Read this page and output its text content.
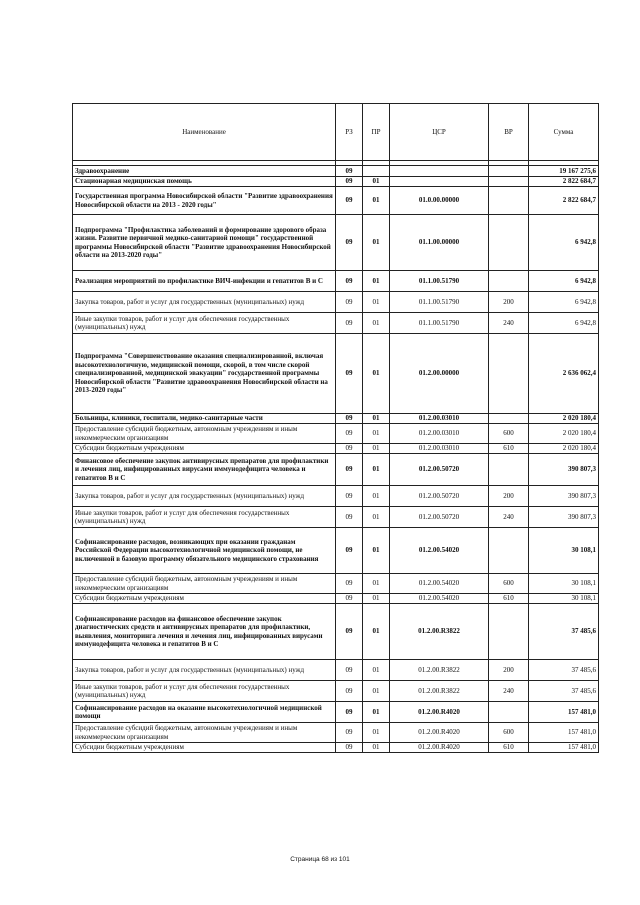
Наименование	РЗ	ПР	ЦСР	ВР	Сумма

Здравоохранение	09				19 167 275,6
Стационарная медицинская помощь	09	01			2 822 684,7
Государственная программа Новосибирской области "Развитие здравоохранения Новосибирской области на 2013 - 2020 годы"	09	01	01.0.00.00000		2 822 684,7
Подпрограмма "Профилактика заболеваний и формирование здорового образа жизни. Развитие первичной медико-санитарной помощи" государственной программы Новосибирской области "Развитие здравоохранения Новосибирской области на 2013-2020 годы"	09	01	01.1.00.00000		6 942,8
Реализация мероприятий по профилактике ВИЧ-инфекции и гепатитов В и С	09	01	01.1.00.51790		6 942,8
Закупка товаров, работ и услуг для государственных (муниципальных) нужд	09	01	01.1.00.51790	200	6 942,8
Иные закупки товаров, работ и услуг для обеспечения государственных (муниципальных) нужд	09	01	01.1.00.51790	240	6 942,8
Подпрограмма "Совершенствование оказания специализированной, включая высокотехнологичную, медицинской помощи, скорой, в том числе скорой специализированной, медицинской эвакуации" государственной программы Новосибирской области "Развитие здравоохранения Новосибирской области на 2013-2020 годы"	09	01	01.2.00.00000		2 636 062,4
Больницы, клиники, госпитали, медико-санитарные части	09	01	01.2.00.03010		2 020 180,4
Предоставление субсидий бюджетным, автономным учреждениям и иным некоммерческим организациям	09	01	01.2.00.03010	600	2 020 180,4
Субсидии бюджетным учреждениям	09	01	01.2.00.03010	610	2 020 180,4
Финансовое обеспечение закупок антивирусных препаратов для профилактики и лечения лиц, инфицированных вирусами иммунодефицита человека и гепатитов В и С	09	01	01.2.00.50720		390 807,3
Закупка товаров, работ и услуг для государственных (муниципальных) нужд	09	01	01.2.00.50720	200	390 807,3
Иные закупки товаров, работ и услуг для обеспечения государственных (муниципальных) нужд	09	01	01.2.00.50720	240	390 807,3
Софинансирование расходов, возникающих при оказании гражданам Российской Федерации высокотехнологичной медицинской помощи, не включенной в базовую программу обязательного медицинского страхования	09	01	01.2.00.54020		30 108,1
Предоставление субсидий бюджетным, автономным учреждениям и иным некоммерческим организациям	09	01	01.2.00.54020	600	30 108,1
Субсидии бюджетным учреждениям	09	01	01.2.00.54020	610	30 108,1
Софинансирование расходов на финансовое обеспечение закупок диагностических средств и антивирусных препаратов для профилактики, выявления, мониторинга лечения и лечения лиц, инфицированных вирусами иммунодефицита человека и гепатитов В и С	09	01	01.2.00.R3822		37 485,6
Закупка товаров, работ и услуг для государственных (муниципальных) нужд	09	01	01.2.00.R3822	200	37 485,6
Иные закупки товаров, работ и услуг для обеспечения государственных (муниципальных) нужд	09	01	01.2.00.R3822	240	37 485,6
Софинансирование расходов на оказание высокотехнологичной медицинской помощи	09	01	01.2.00.R4020		157 481,0
Предоставление субсидий бюджетным, автономным учреждениям и иным некоммерческим организациям	09	01	01.2.00.R4020	600	157 481,0
Субсидии бюджетным учреждениям	09	01	01.2.00.R4020	610	157 481,0
Страница 68 из 101
